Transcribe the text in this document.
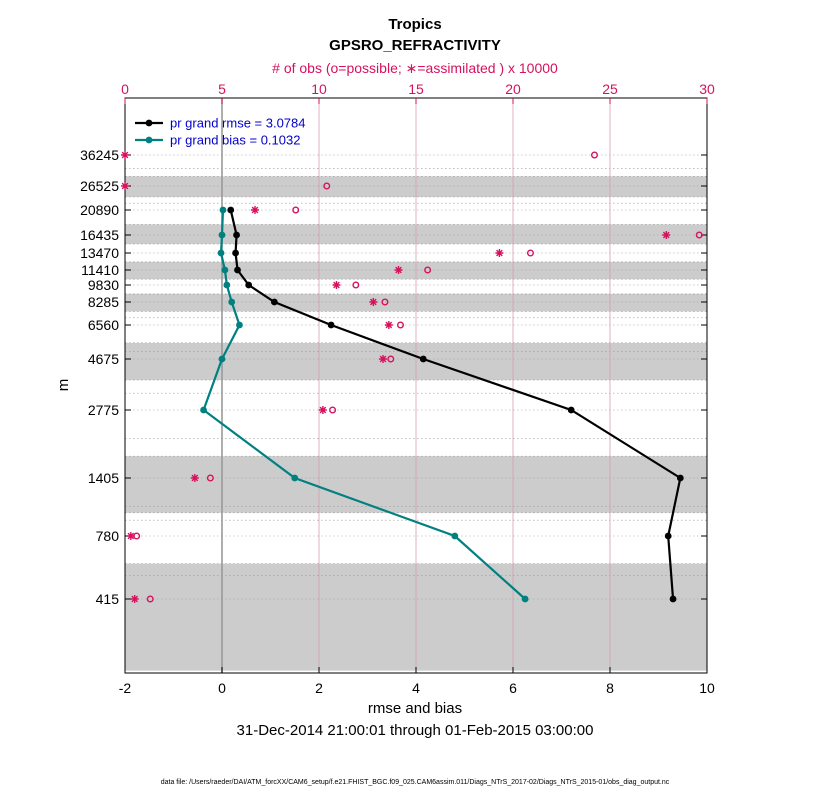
Tropics
GPSRO_REFRACTIVITY
# of obs (o=possible; ∗=assimilated ) x 10000
-2	0	2	4	6	8	10
0	5	10	15	20	25	30
36245
26525
20890
16435
13470
11410
9830
8285
6560
4675
2775
1405
780
415
pr grand rmse = 3.0784
pr grand bias = 0.1032
rmse and bias
m
31-Dec-2014 21:00:01 through 01-Feb-2015 03:00:00
data file: /Users/raeder/DAI/ATM_forcXX/CAM6_setup/f.e21.FHIST_BGC.f09_025.CAM6assim.011/Diags_NTrS_2017-02/Diags_NTrS_2015-01/obs_diag_output.nc
